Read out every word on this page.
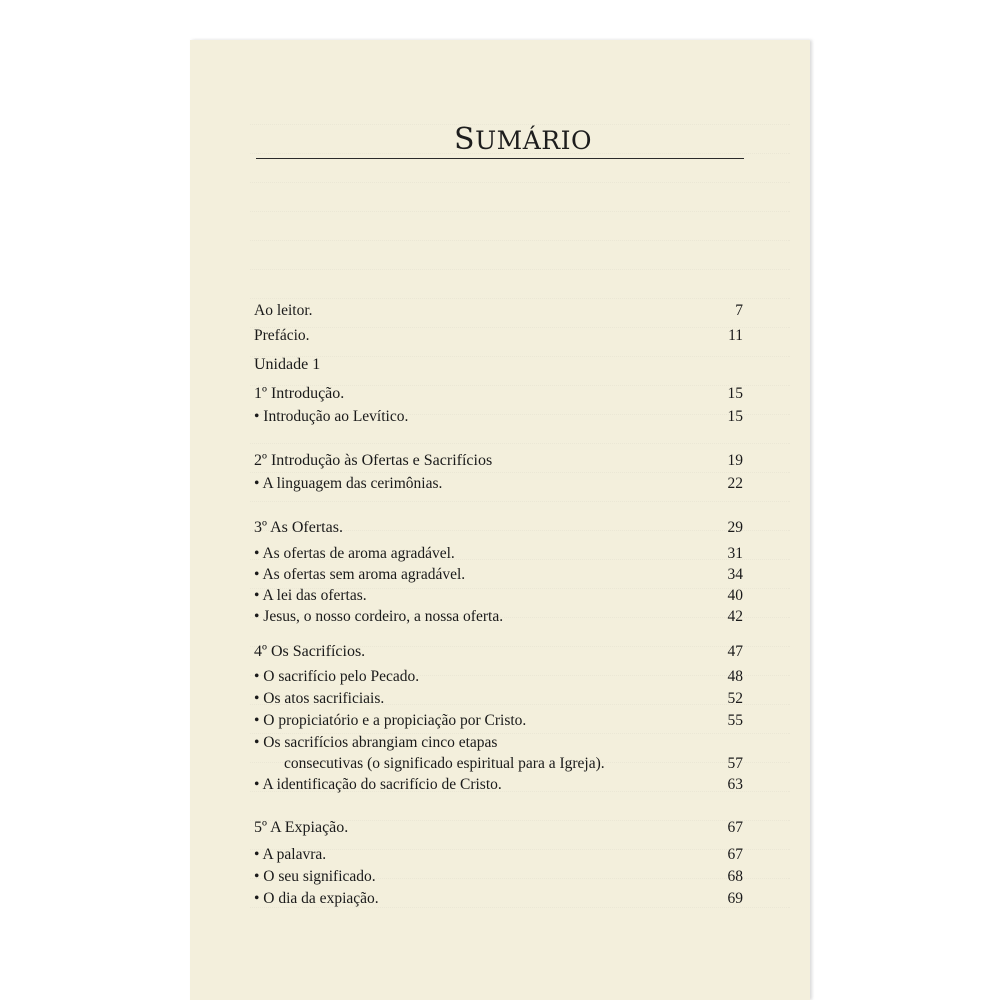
SUMÁRIO
Ao leitor.	7
Prefácio.	11
Unidade 1
1º Introdução.	15
• Introdução ao Levítico.	15
2º Introdução às Ofertas e Sacrifícios	19
• A linguagem das cerimônias.	22
3º As Ofertas.	29
• As ofertas de aroma agradável.	31
• As ofertas sem aroma agradável.	34
• A lei das ofertas.	40
• Jesus, o nosso cordeiro, a nossa oferta.	42
4º Os Sacrifícios.	47
• O sacrifício pelo Pecado.	48
• Os atos sacrificiais.	52
• O propiciatório e a propiciação por Cristo.	55
• Os sacrifícios abrangiam cinco etapas
consecutivas (o significado espiritual para a Igreja).	57
• A identificação do sacrifício de Cristo.	63
5º A Expiação.	67
• A palavra.	67
• O seu significado.	68
• O dia da expiação.	69
